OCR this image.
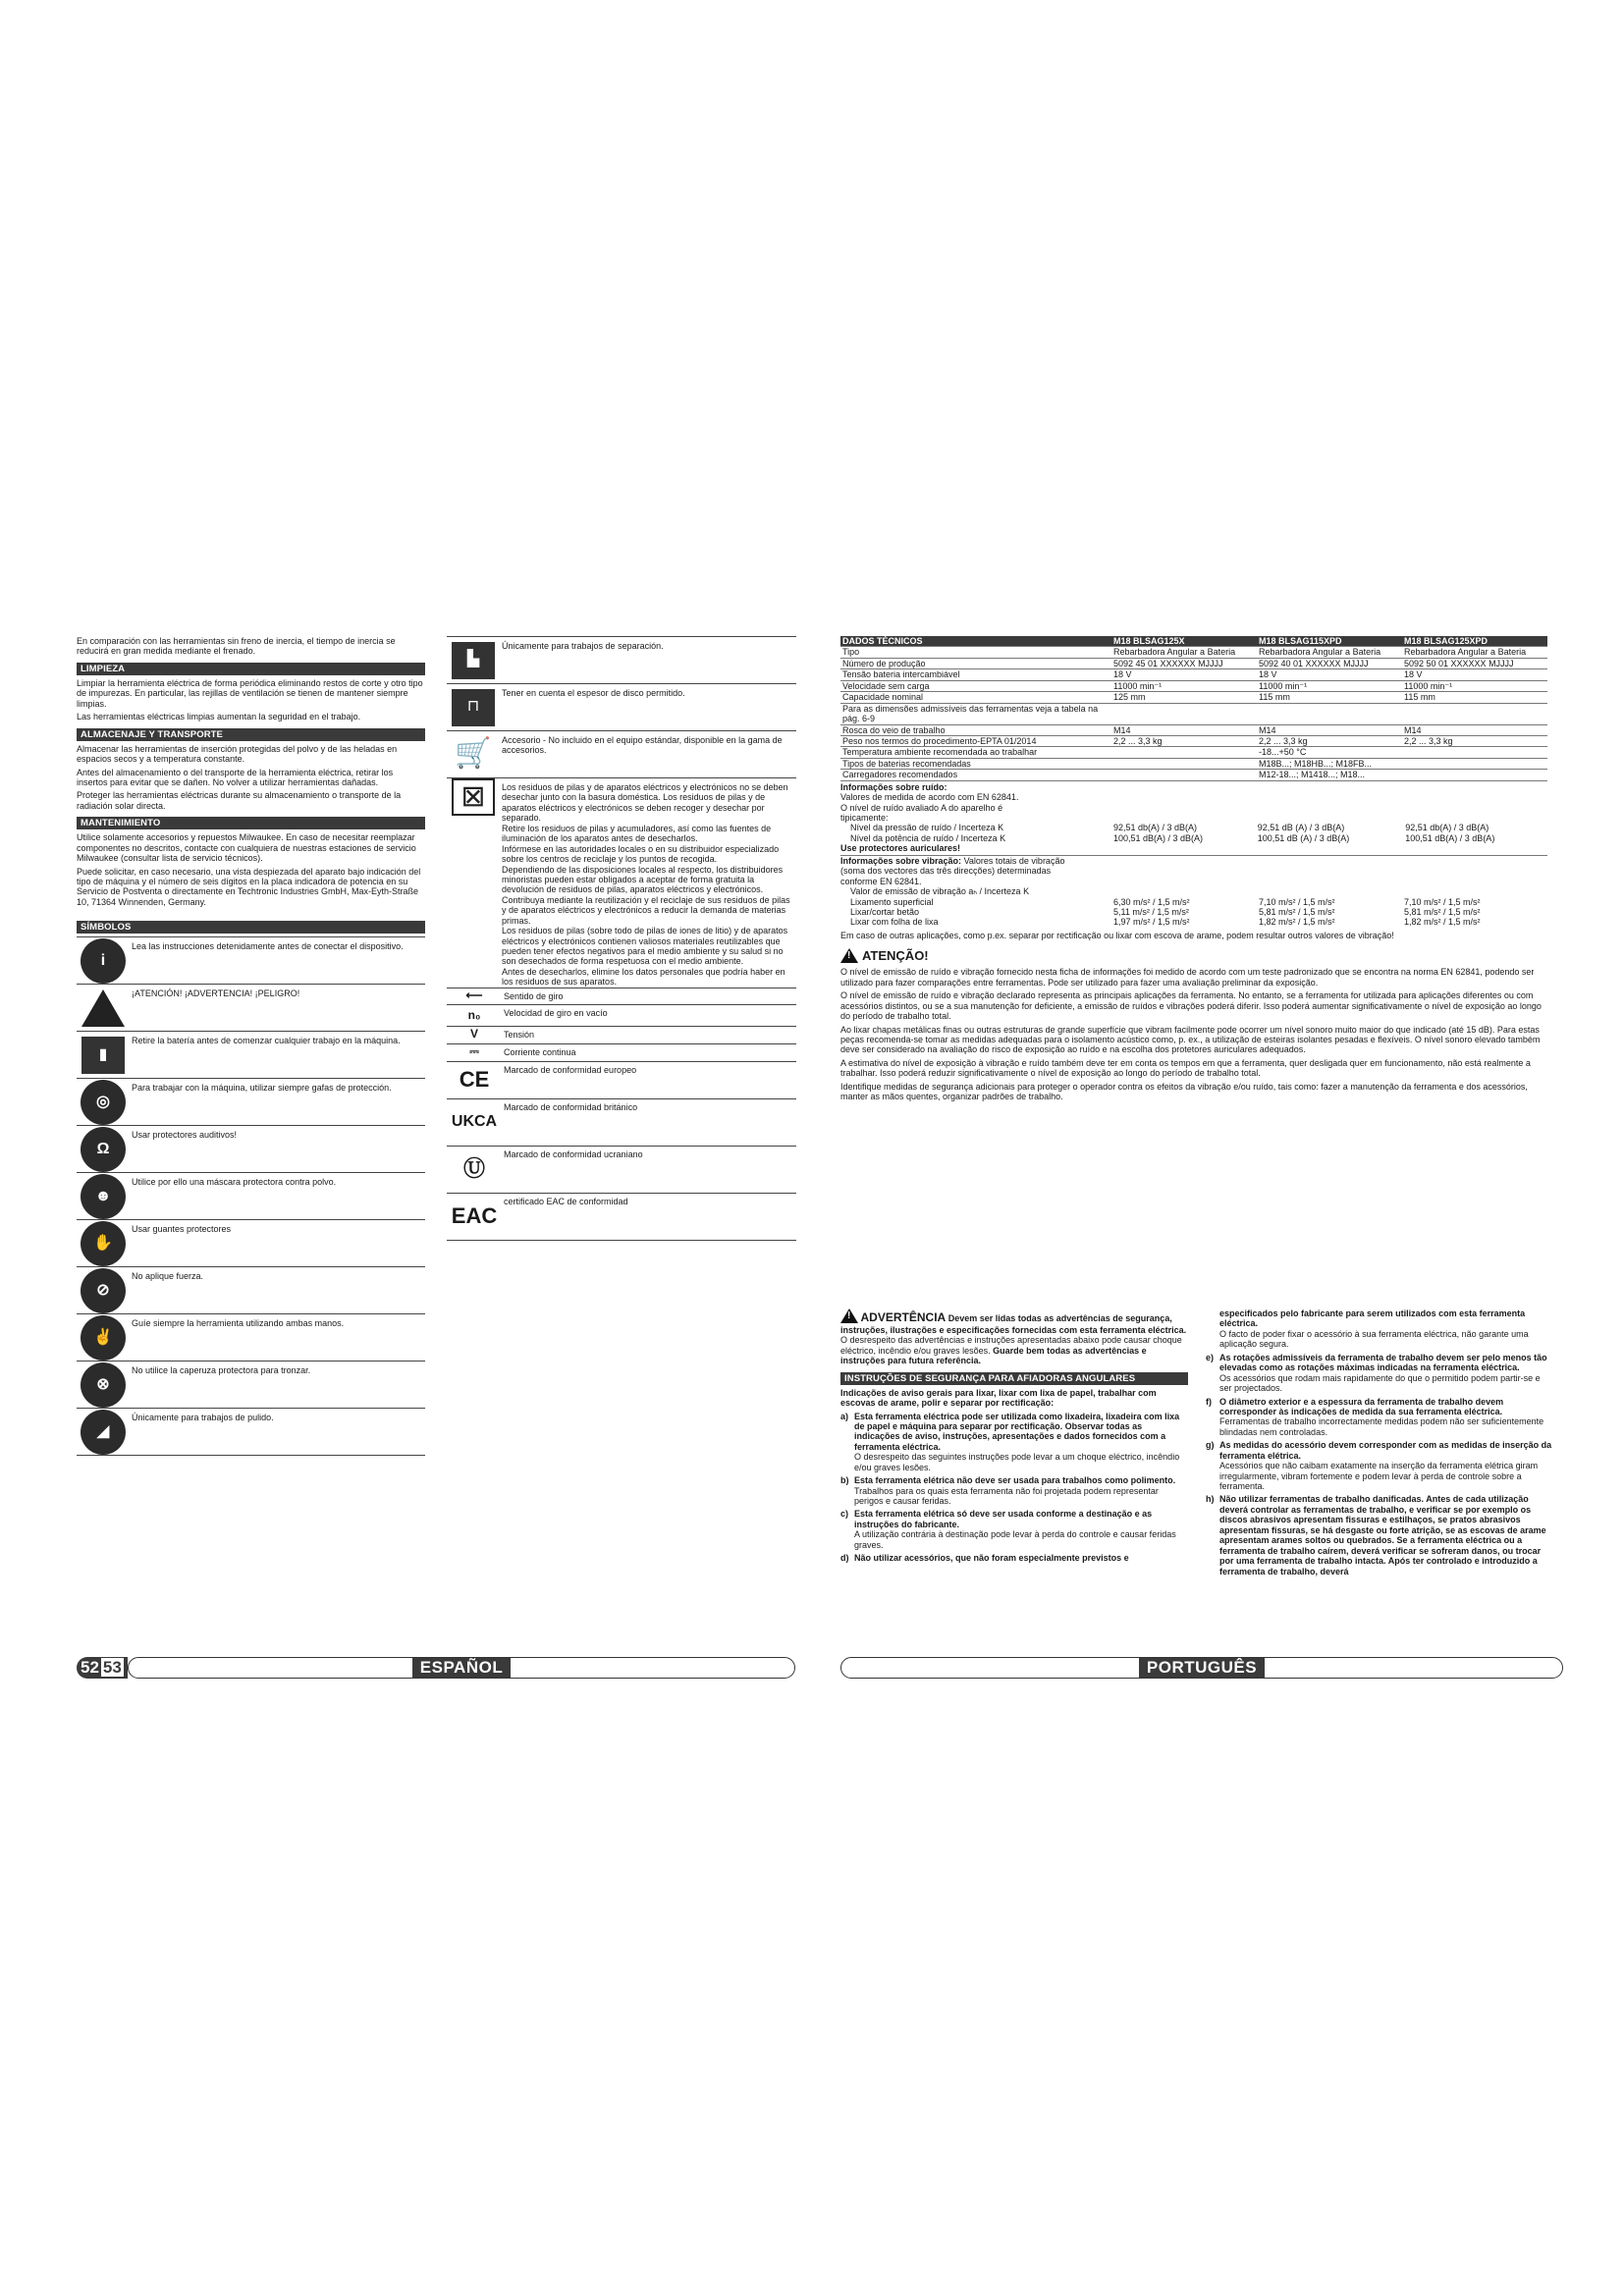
En comparación con las herramientas sin freno de inercia, el tiempo de inercia se reducirá en gran medida mediante el frenado.
LIMPIEZA
Limpiar la herramienta eléctrica de forma periódica eliminando restos de corte y otro tipo de impurezas. En particular, las rejillas de ventilación se tienen de mantener siempre limpias.
Las herramientas eléctricas limpias aumentan la seguridad en el trabajo.
ALMACENAJE Y TRANSPORTE
Almacenar las herramientas de inserción protegidas del polvo y de las heladas en espacios secos y a temperatura constante.
Antes del almacenamiento o del transporte de la herramienta eléctrica, retirar los insertos para evitar que se dañen. No volver a utilizar herramientas dañadas.
Proteger las herramientas eléctricas durante su almacenamiento o transporte de la radiación solar directa.
MANTENIMIENTO
Utilice solamente accesorios y repuestos Milwaukee. En caso de necesitar reemplazar componentes no descritos, contacte con cualquiera de nuestras estaciones de servicio Milwaukee (consultar lista de servicio técnicos).
Puede solicitar, en caso necesario, una vista despiezada del aparato bajo indicación del tipo de máquina y el número de seis dígitos en la placa indicadora de potencia en su Servicio de Postventa o directamente en Techtronic Industries GmbH, Max-Eyth-Straße 10, 71364 Winnenden, Germany.
SÍMBOLOS
i
Lea las instrucciones detenidamente antes de conectar el dispositivo.
¡ATENCIÓN! ¡ADVERTENCIA! ¡PELIGRO!
▮
Retire la batería antes de comenzar cualquier trabajo en la máquina.
◎
Para trabajar con la máquina, utilizar siempre gafas de protección.
Ω
Usar protectores auditivos!
☻
Utilice por ello una máscara protectora contra polvo.
✋
Usar guantes protectores
⊘
No aplique fuerza.
✌
Guíe siempre la herramienta utilizando ambas manos.
⊗
No utilice la caperuza protectora para tronzar.
◢
Únicamente para trabajos de pulido.
▙
Únicamente para trabajos de separación.
⊓
Tener en cuenta el espesor de disco permitido.
🛒	Accesorio - No incluido en el equipo estándar, disponible en la gama de accesorios.
⊠	Los residuos de pilas y de aparatos eléctricos y electrónicos no se deben desechar junto con la basura doméstica. Los residuos de pilas y de aparatos eléctricos y electrónicos se deben recoger y desechar por separado.
Retire los residuos de pilas y acumuladores, así como las fuentes de iluminación de los aparatos antes de desecharlos.
Infórmese en las autoridades locales o en su distribuidor especializado sobre los centros de reciclaje y los puntos de recogida.
Dependiendo de las disposiciones locales al respecto, los distribuidores minoristas pueden estar obligados a aceptar de forma gratuita la devolución de residuos de pilas, aparatos eléctricos y electrónicos.
Contribuya mediante la reutilización y el reciclaje de sus residuos de pilas y de aparatos eléctricos y electrónicos a reducir la demanda de materias primas.
Los residuos de pilas (sobre todo de pilas de iones de litio) y de aparatos eléctricos y electrónicos contienen valiosos materiales reutilizables que pueden tener efectos negativos para el medio ambiente y su salud si no son desechados de forma respetuosa con el medio ambiente.
Antes de desecharlos, elimine los datos personales que podría haber en los residuos de sus aparatos.
⟵	Sentido de giro
n₀	Velocidad de giro en vacío
V	Tensión
⎓	Corriente continua
CE	Marcado de conformidad europeo
UKCA
Marcado de conformidad británico
Ⓤ
Marcado de conformidad ucraniano
EAC
certificado EAC de conformidad
52 53	ESPAÑOL
DADOS TÉCNICOS	M18 BLSAG125X	M18 BLSAG115XPD	M18 BLSAG125XPD
Tipo	Rebarbadora Angular a Bateria	Rebarbadora Angular a Bateria	Rebarbadora Angular a Bateria
Número de produção	5092 45 01 XXXXXX MJJJJ	5092 40 01 XXXXXX MJJJJ	5092 50 01 XXXXXX MJJJJ
Tensão bateria intercambiável	18 V	18 V	18 V
Velocidade sem carga	11000 min⁻¹	11000 min⁻¹	11000 min⁻¹
Capacidade nominal	125 mm	115 mm	115 mm
Para as dimensões admissíveis das ferramentas veja a tabela na pág. 6-9			
Rosca do veio de trabalho	M14	M14	M14
Peso nos termos do procedimento-EPTA 01/2014	2,2 ... 3,3 kg	2,2 ... 3,3 kg	2,2 ... 3,3 kg
Temperatura ambiente recomendada ao trabalhar		-18...+50 °C	
Tipos de baterias recomendadas		M18B...; M18HB...; M18FB...	
Carregadores recomendados		M12-18...; M1418...; M18...	
Informações sobre ruído:
Valores de medida de acordo com EN 62841. O nível de ruído avaliado A do aparelho é tipicamente:
Nível da pressão de ruído / Incerteza K	92,51 db(A) / 3 dB(A)	92,51 dB (A) / 3 dB(A)	92,51 db(A) / 3 dB(A)
Nível da potência de ruído / Incerteza K	100,51 dB(A) / 3 dB(A)	100,51 dB (A) / 3 dB(A)	100,51 dB(A) / 3 dB(A)
Use protectores auriculares!
Informações sobre vibração: Valores totais de vibração (soma dos vectores das três direcções) determinadas conforme EN 62841.
Valor de emissão de vibração aₕ / Incerteza K
Lixamento superficial	6,30 m/s² / 1,5 m/s²	7,10 m/s² / 1,5 m/s²	7,10 m/s² / 1,5 m/s²
Lixar/cortar betão	5,11 m/s² / 1,5 m/s²	5,81 m/s² / 1,5 m/s²	5,81 m/s² / 1,5 m/s²
Lixar com folha de lixa	1,97 m/s² / 1,5 m/s²	1,82 m/s² / 1,5 m/s²	1,82 m/s² / 1,5 m/s²
Em caso de outras aplicações, como p.ex. separar por rectificação ou lixar com escova de arame, podem resultar outros valores de vibração!
!
ATENÇÃO!
O nível de emissão de ruído e vibração fornecido nesta ficha de informações foi medido de acordo com um teste padronizado que se encontra na norma EN 62841, podendo ser utilizado para fazer comparações entre ferramentas. Pode ser utilizado para fazer uma avaliação preliminar da exposição.
O nível de emissão de ruído e vibração declarado representa as principais aplicações da ferramenta. No entanto, se a ferramenta for utilizada para aplicações diferentes ou com acessórios distintos, ou se a sua manutenção for deficiente, a emissão de ruídos e vibrações poderá diferir. Isso poderá aumentar significativamente o nível de exposição ao longo do período de trabalho total.
Ao lixar chapas metálicas finas ou outras estruturas de grande superfície que vibram facilmente pode ocorrer um nível sonoro muito maior do que indicado (até 15 dB). Para estas peças recomenda-se tomar as medidas adequadas para o isolamento acústico como, p. ex., a utilização de esteiras isolantes pesadas e flexíveis. O nível sonoro elevado também deve ser considerado na avaliação do risco de exposição ao ruído e na escolha dos protetores auriculares adequados.
A estimativa do nível de exposição à vibração e ruído também deve ter em conta os tempos em que a ferramenta, quer desligada quer em funcionamento, não está realmente a trabalhar. Isso poderá reduzir significativamente o nível de exposição ao longo do período de trabalho total.
Identifique medidas de segurança adicionais para proteger o operador contra os efeitos da vibração e/ou ruído, tais como: fazer a manutenção da ferramenta e dos acessórios, manter as mãos quentes, organizar padrões de trabalho.
! ADVERTÊNCIA Devem ser lidas todas as advertências de segurança, instruções, ilustrações e especificações fornecidas com esta ferramenta eléctrica. O desrespeito das advertências e instruções apresentadas abaixo pode causar choque eléctrico, incêndio e/ou graves lesões. Guarde bem todas as advertências e instruções para futura referência.
INSTRUÇÕES DE SEGURANÇA PARA AFIADORAS ANGULARES
Indicações de aviso gerais para lixar, lixar com lixa de papel, trabalhar com escovas de arame, polir e separar por rectificação:
a) Esta ferramenta eléctrica pode ser utilizada como lixadeira, lixadeira com lixa de papel e máquina para separar por rectificação. Observar todas as indicações de aviso, instruções, apresentações e dados fornecidos com a ferramenta eléctrica.
O desrespeito das seguintes instruções pode levar a um choque eléctrico, incêndio e/ou graves lesões.
b) Esta ferramenta elétrica não deve ser usada para trabalhos como polimento.
Trabalhos para os quais esta ferramenta não foi projetada podem representar perigos e causar feridas.
c) Esta ferramenta elétrica só deve ser usada conforme a destinação e as instruções do fabricante.
A utilização contrária à destinação pode levar à perda do controle e causar feridas graves.
d) Não utilizar acessórios, que não foram especialmente previstos e
especificados pelo fabricante para serem utilizados com esta ferramenta eléctrica.
O facto de poder fixar o acessório à sua ferramenta eléctrica, não garante uma aplicação segura.
e) As rotações admissíveis da ferramenta de trabalho devem ser pelo menos tão elevadas como as rotações máximas indicadas na ferramenta eléctrica.
Os acessórios que rodam mais rapidamente do que o permitido podem partir-se e ser projectados.
f) O diâmetro exterior e a espessura da ferramenta de trabalho devem corresponder às indicações de medida da sua ferramenta eléctrica.
Ferramentas de trabalho incorrectamente medidas podem não ser suficientemente blindadas nem controladas.
g) As medidas do acessório devem corresponder com as medidas de inserção da ferramenta elétrica.
Acessórios que não caibam exatamente na inserção da ferramenta elétrica giram irregularmente, vibram fortemente e podem levar à perda de controle sobre a ferramenta.
h) Não utilizar ferramentas de trabalho danificadas. Antes de cada utilização deverá controlar as ferramentas de trabalho, e verificar se por exemplo os discos abrasivos apresentam fissuras e estilhaços, se pratos abrasivos apresentam fissuras, se há desgaste ou forte atrição, se as escovas de arame apresentam arames soltos ou quebrados. Se a ferramenta eléctrica ou a ferramenta de trabalho caírem, deverá verificar se sofreram danos, ou trocar por uma ferramenta de trabalho intacta. Após ter controlado e introduzido a ferramenta de trabalho, deverá
PORTUGUÊS
